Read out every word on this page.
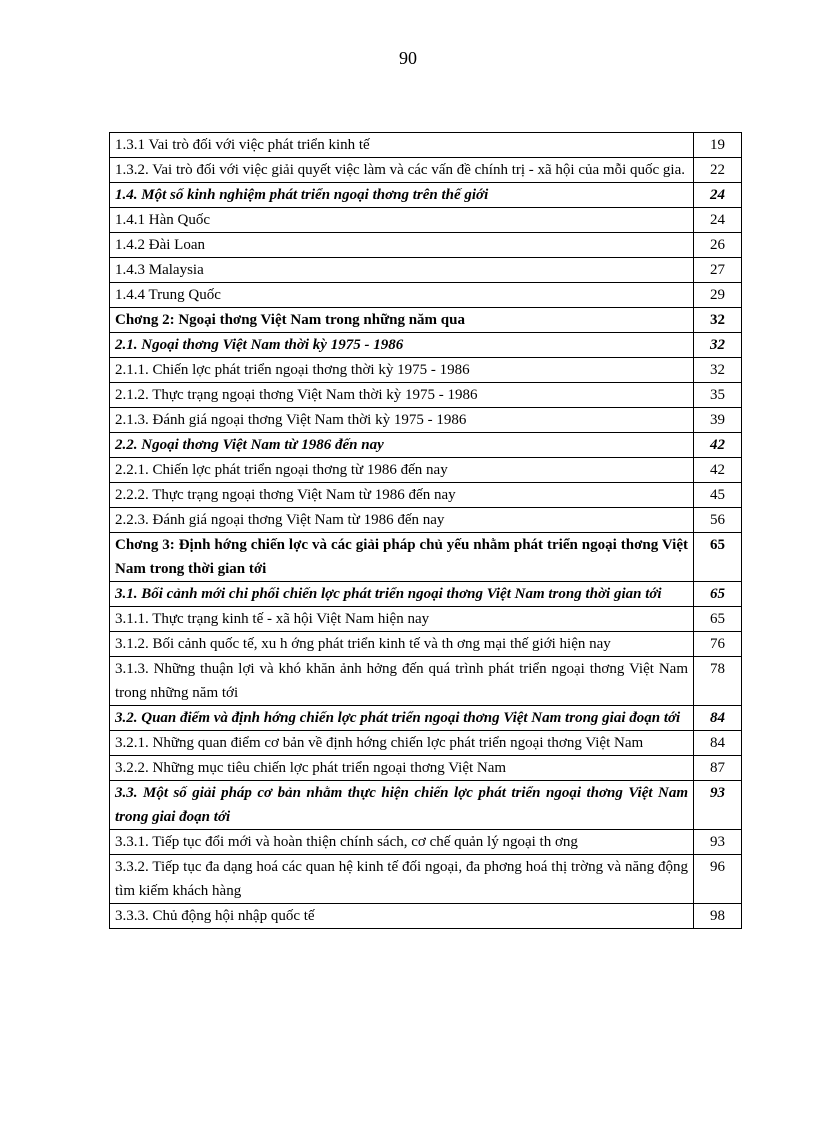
90
1.3.1 Vai trò đối với việc phát triển kinh tế	19
1.3.2. Vai trò đối với việc giải quyết việc làm và các vấn đề chính trị - xã hội của mỗi quốc gia.	22
1.4. Một số kinh nghiệm phát triển ngoại thơng trên thế giới	24
1.4.1 Hàn Quốc	24
1.4.2 Đài Loan	26
1.4.3 Malaysia	27
1.4.4 Trung Quốc	29
Chơng 2: Ngoại thơng Việt Nam trong những năm qua	32
2.1. Ngoại thơng Việt Nam thời kỳ 1975 - 1986	32
2.1.1. Chiến lợc phát triển ngoại thơng thời kỳ 1975 - 1986	32
2.1.2. Thực trạng ngoại thơng Việt Nam thời kỳ 1975 - 1986	35
2.1.3. Đánh giá ngoại thơng Việt Nam thời kỳ 1975 - 1986	39
2.2. Ngoại thơng Việt Nam từ 1986 đến nay	42
2.2.1. Chiến lợc phát triển ngoại thơng từ 1986 đến nay	42
2.2.2. Thực trạng ngoại thơng Việt Nam từ 1986 đến nay	45
2.2.3. Đánh giá ngoại thơng Việt Nam từ 1986 đến nay	56
Chơng 3: Định hớng chiến lợc và các giải pháp chủ yếu nhằm phát triển ngoại thơng Việt Nam trong thời gian tới	65
3.1. Bối cảnh mới chi phối chiến lợc phát triển ngoại thơng Việt Nam trong thời gian tới	65
3.1.1. Thực trạng kinh tế - xã hội Việt Nam hiện nay	65
3.1.2. Bối cảnh quốc tế, xu h ớng phát triển kinh tế và th ơng mại thế giới hiện nay	76
3.1.3. Những thuận lợi và khó khăn ảnh hởng đến quá trình phát triển ngoại thơng Việt Nam trong những năm tới	78
3.2. Quan điểm và định hớng chiến lợc phát triển ngoại thơng Việt Nam trong giai đoạn tới	84
3.2.1. Những quan điểm cơ bản về định hớng chiến lợc phát triển ngoại thơng Việt Nam	84
3.2.2. Những mục tiêu chiến lợc phát triển ngoại thơng Việt Nam	87
3.3. Một số giải pháp cơ bản nhằm thực hiện chiến lợc phát triển ngoại thơng Việt Nam trong giai đoạn tới	93
3.3.1. Tiếp tục đổi mới và hoàn thiện chính sách, cơ chế quản lý ngoại th ơng	93
3.3.2. Tiếp tục đa dạng hoá các quan hệ kinh tế đối ngoại, đa phơng hoá thị trờng và năng động tìm kiếm khách hàng	96
3.3.3. Chủ động hội nhập quốc tế	98
